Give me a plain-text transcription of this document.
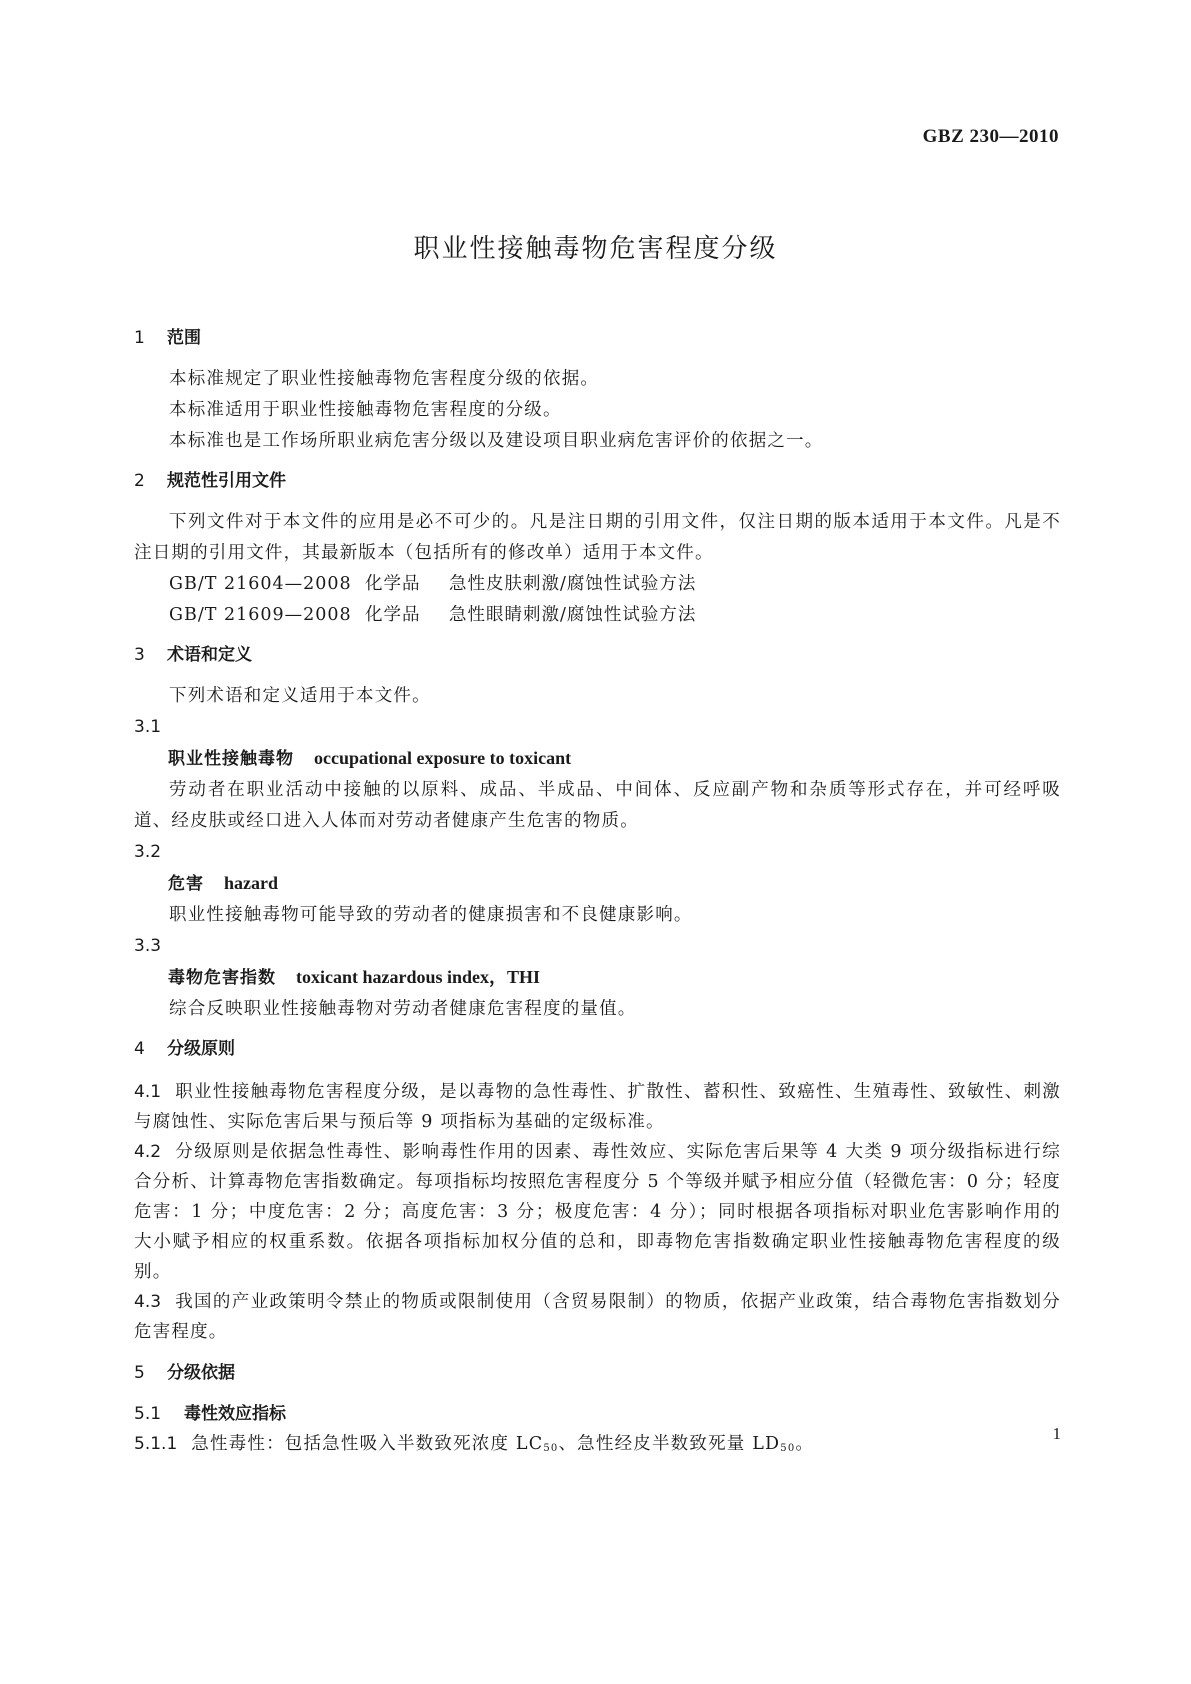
GBZ 230—2010
职业性接触毒物危害程度分级
1 范围

本标准规定了职业性接触毒物危害程度分级的依据。

本标准适用于职业性接触毒物危害程度的分级。

本标准也是工作场所职业病危害分级以及建设项目职业病危害评价的依据之一。

2 规范性引用文件

下列文件对于本文件的应用是必不可少的。凡是注日期的引用文件，仅注日期的版本适用于本文件。凡是不注日期的引用文件，其最新版本（包括所有的修改单）适用于本文件。

GB/T 21604—2008 化学品 急性皮肤刺激/腐蚀性试验方法

GB/T 21609—2008 化学品 急性眼睛刺激/腐蚀性试验方法

3 术语和定义

下列术语和定义适用于本文件。

3.1

职业性接触毒物 occupational exposure to toxicant

劳动者在职业活动中接触的以原料、成品、半成品、中间体、反应副产物和杂质等形式存在，并可经呼吸道、经皮肤或经口进入人体而对劳动者健康产生危害的物质。

3.2

危害 hazard

职业性接触毒物可能导致的劳动者的健康损害和不良健康影响。

3.3

毒物危害指数 toxicant hazardous index，THI

综合反映职业性接触毒物对劳动者健康危害程度的量值。

4 分级原则

4.1 职业性接触毒物危害程度分级，是以毒物的急性毒性、扩散性、蓄积性、致癌性、生殖毒性、致敏性、刺激与腐蚀性、实际危害后果与预后等 9 项指标为基础的定级标准。

4.2 分级原则是依据急性毒性、影响毒性作用的因素、毒性效应、实际危害后果等 4 大类 9 项分级指标进行综合分析、计算毒物危害指数确定。每项指标均按照危害程度分 5 个等级并赋予相应分值（轻微危害：0 分；轻度危害：1 分；中度危害：2 分；高度危害：3 分；极度危害：4 分）；同时根据各项指标对职业危害影响作用的大小赋予相应的权重系数。依据各项指标加权分值的总和，即毒物危害指数确定职业性接触毒物危害程度的级别。

4.3 我国的产业政策明令禁止的物质或限制使用（含贸易限制）的物质，依据产业政策，结合毒物危害指数划分危害程度。

5 分级依据

5.1 毒性效应指标

5.1.1 急性毒性：包括急性吸入半数致死浓度 $LC_{50}$、急性经皮半数致死量 $LD_{50}$。

1
